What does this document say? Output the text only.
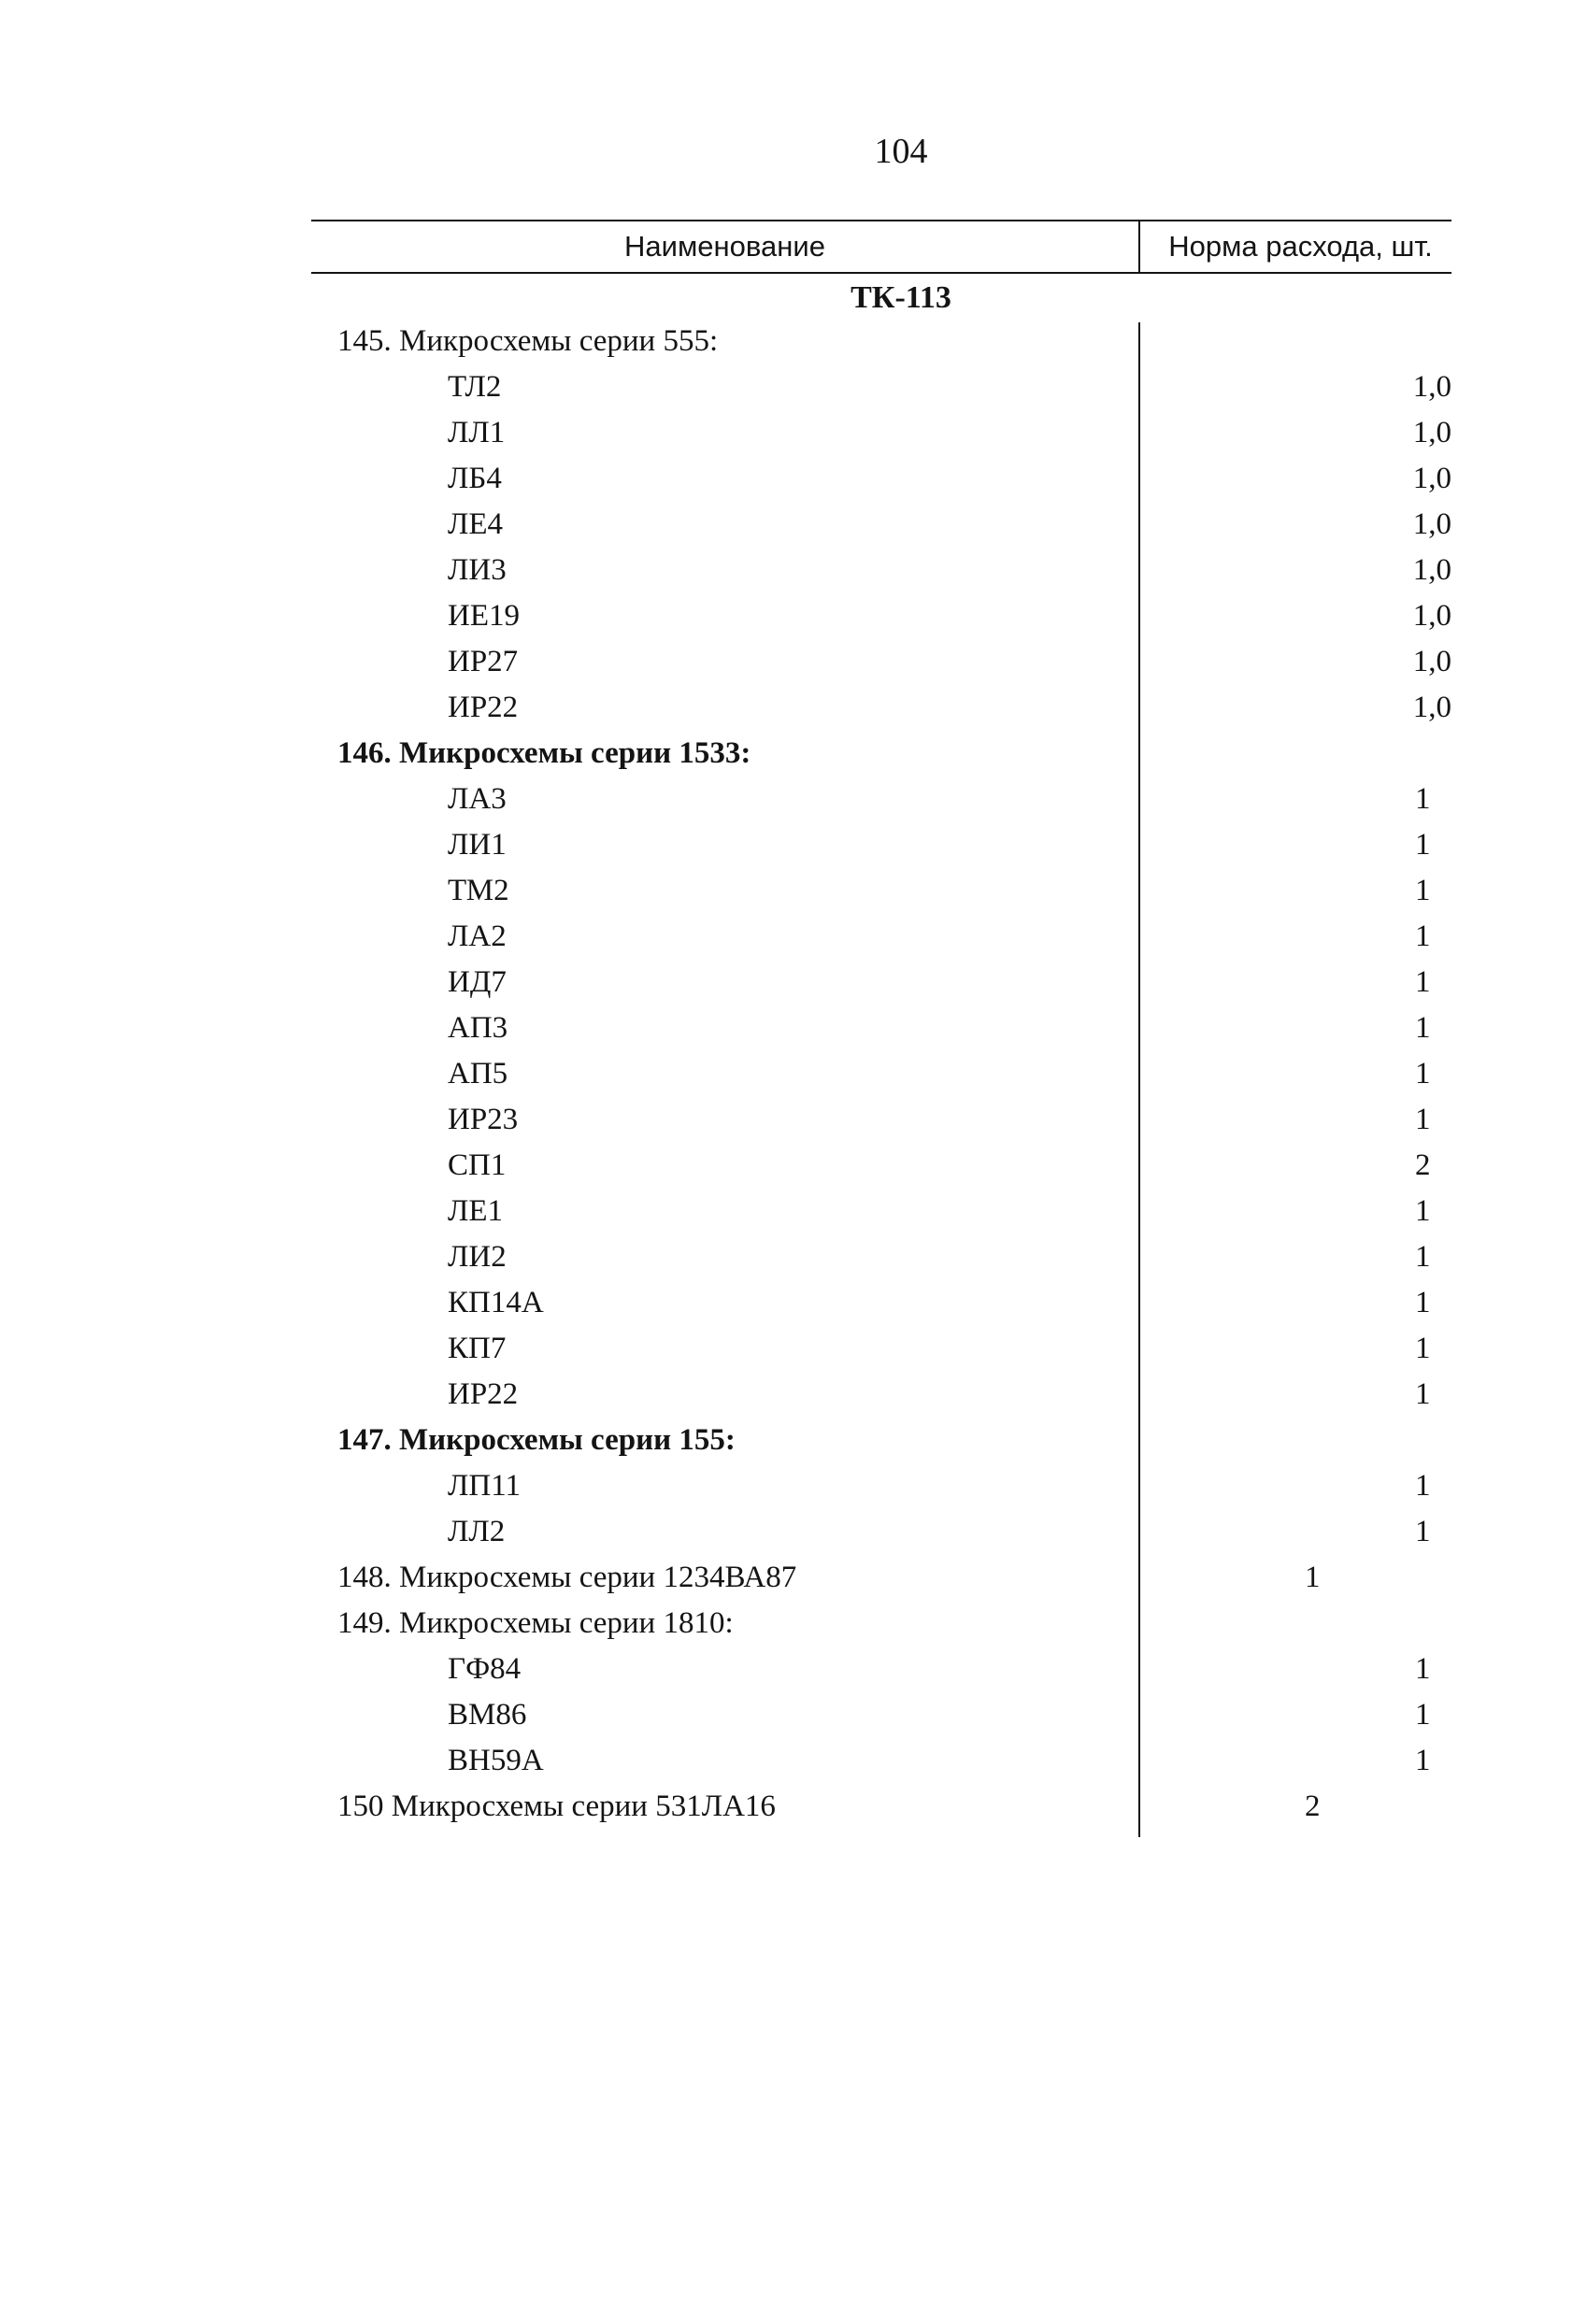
104
Наименование	Норма расхода, шт.
ТК-113
145. Микросхемы серии 555:
ТЛ2	1,0
ЛЛ1	1,0
ЛБ4	1,0
ЛЕ4	1,0
ЛИ3	1,0
ИЕ19	1,0
ИР27	1,0
ИР22	1,0
146. Микросхемы серии 1533:
ЛА3	1
ЛИ1	1
ТМ2	1
ЛА2	1
ИД7	1
АП3	1
АП5	1
ИР23	1
СП1	2
ЛЕ1	1
ЛИ2	1
КП14А	1
КП7	1
ИР22	1
147. Микросхемы серии 155:
ЛП11	1
ЛЛ2	1
148. Микросхемы серии 1234ВА87	1
149. Микросхемы серии 1810:
ГФ84	1
ВМ86	1
ВН59А	1
150 Микросхемы серии 531ЛА16	2
